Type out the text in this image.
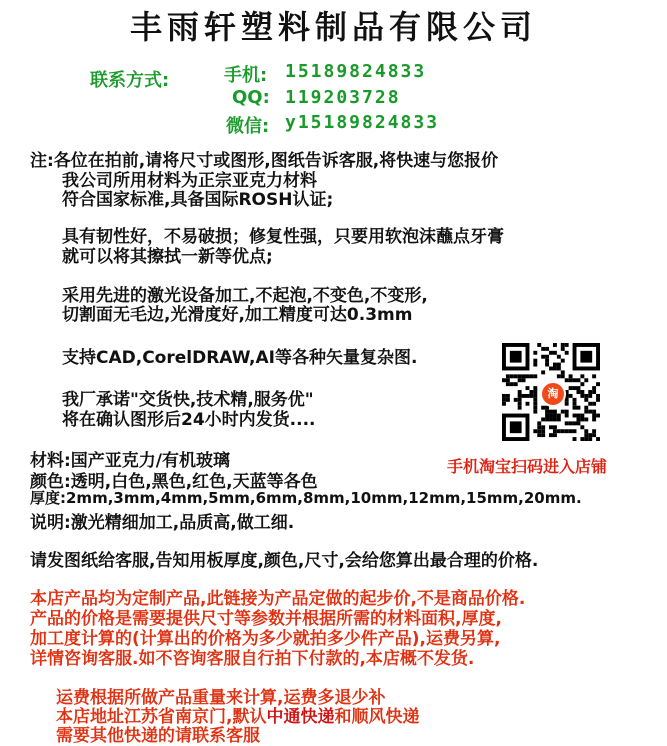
丰雨轩塑料制品有限公司
联系方式:	手机: 15189824833
QQ: 119203728
微信: y15189824833
注:各位在拍前,请将尺寸或图形,图纸告诉客服,将快速与您报价
我公司所用材料为正宗亚克力材料
符合国家标准,具备国际ROSH认证;
具有韧性好，不易破损；修复性强，只要用软泡沫蘸点牙膏
就可以将其擦拭一新等优点;
采用先进的激光设备加工,不起泡,不变色,不变形,
切割面无毛边,光滑度好,加工精度可达0.3mm
支持CAD,CorelDRAW,AI等各种矢量复杂图.
我厂承诺"交货快,技术精,服务优"
将在确认图形后24小时内发货....
淘
手机淘宝扫码进入店铺
材料:国产亚克力/有机玻璃
颜色:透明,白色,黑色,红色,天蓝等各色
厚度:2mm,3mm,4mm,5mm,6mm,8mm,10mm,12mm,15mm,20mm.
说明:激光精细加工,品质高,做工细.
请发图纸给客服,告知用板厚度,颜色,尺寸,会给您算出最合理的价格.
本店产品均为定制产品,此链接为产品定做的起步价,不是商品价格.
产品的价格是需要提供尺寸等参数并根据所需的材料面积,厚度,
加工度计算的(计算出的价格为多少就拍多少件产品),运费另算,
详情咨询客服.如不咨询客服自行拍下付款的,本店概不发货.
运费根据所做产品重量来计算,运费多退少补
本店地址江苏省南京门,默认中通快递和顺风快递
需要其他快递的请联系客服
